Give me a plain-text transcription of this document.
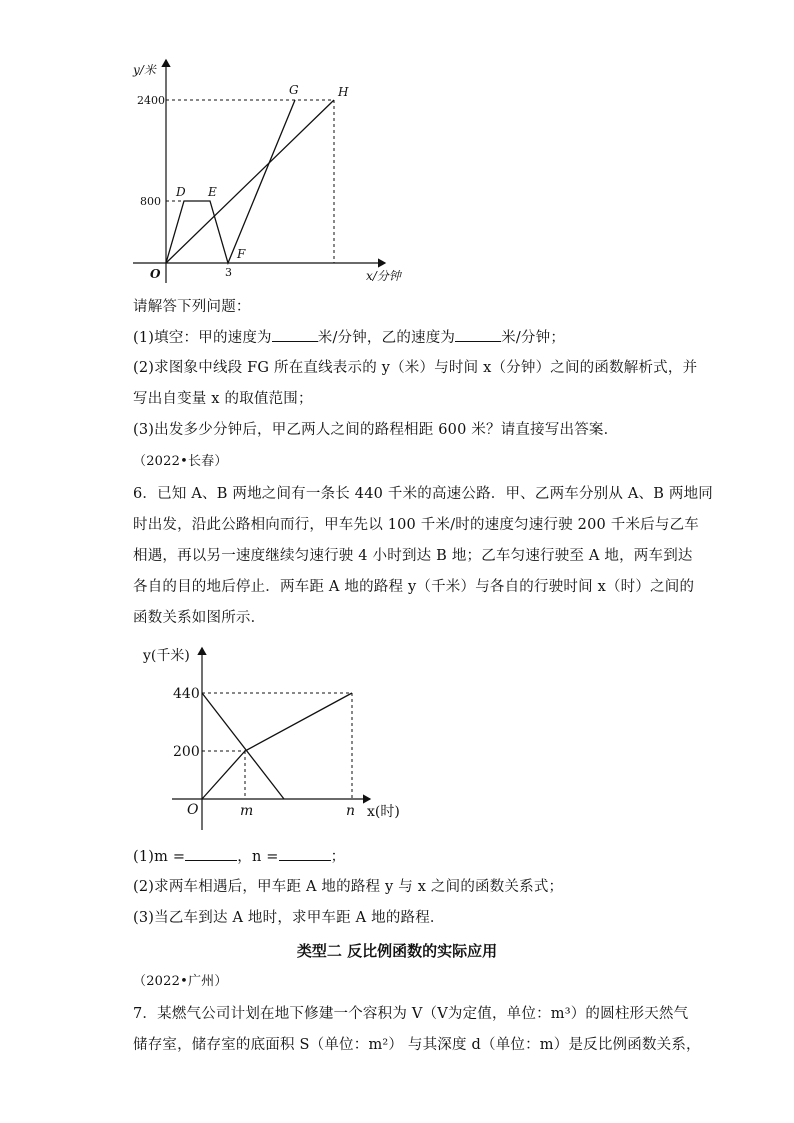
y/米
x/分钟
2400
800
3
O
D E
F
G	H
请解答下列问题：
(1)填空：甲的速度为	米/分钟，乙的速度为	米/分钟；
(2)求图象中线段 FG 所在直线表示的 y（米）与时间 x（分钟）之间的函数解析式，并
写出自变量 x 的取值范围；
(3)出发多少分钟后，甲乙两人之间的路程相距 600 米？请直接写出答案．
（2022•长春）
6．已知 A、B 两地之间有一条长 440 千米的高速公路．甲、乙两车分别从 A、B 两地同
时出发，沿此公路相向而行，甲车先以 100 千米/时的速度匀速行驶 200 千米后与乙车
相遇，再以另一速度继续匀速行驶 4 小时到达 B 地；乙车匀速行驶至 A 地，两车到达
各自的目的地后停止．两车距 A 地的路程 y（千米）与各自的行驶时间 x（时）之间的
函数关系如图所示．
y(千米)
x(时)
440
200
O	m	n
(1)m =	，n =	；
(2)求两车相遇后，甲车距 A 地的路程 y 与 x 之间的函数关系式；
(3)当乙车到达 A 地时，求甲车距 A 地的路程．
类型二 反比例函数的实际应用
（2022•广州）
7．某燃气公司计划在地下修建一个容积为 V（V为定值，单位：m³）的圆柱形天然气
储存室，储存室的底面积 S（单位：m²） 与其深度 d（单位：m）是反比例函数关系，
